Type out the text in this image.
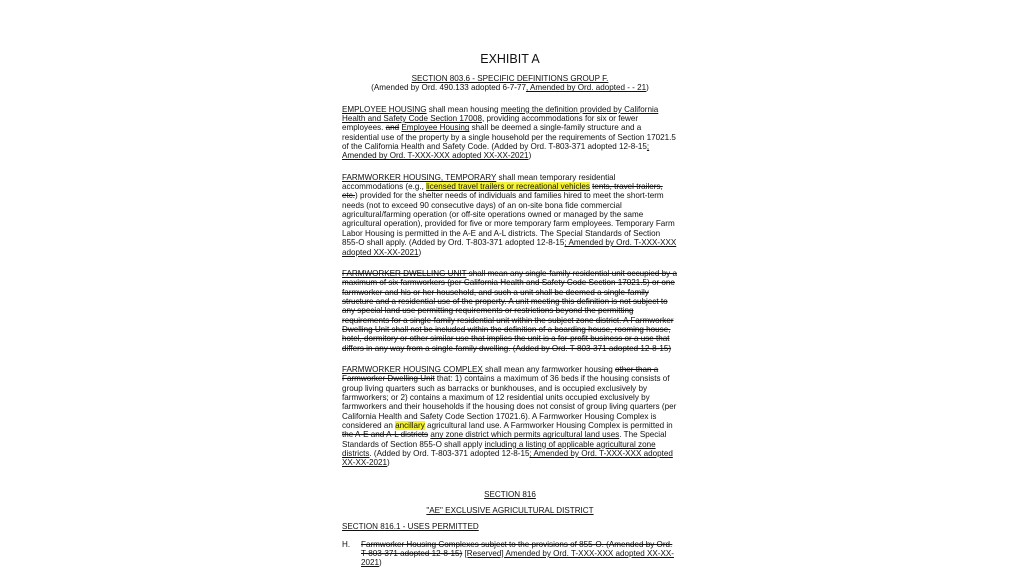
EXHIBIT A
SECTION 803.6 - SPECIFIC DEFINITIONS GROUP F.
(Amended by Ord. 490.133 adopted 6-7-77, Amended by Ord. adopted - - 21)

EMPLOYEE HOUSING shall mean housing meeting the definition provided by California Health and Safety Code Section 17008, providing accommodations for six or fewer employees. and Employee Housing shall be deemed a single-family structure and a residential use of the property by a single household per the requirements of Section 17021.5 of the California Health and Safety Code. (Added by Ord. T-803-371 adopted 12-8-15; Amended by Ord. T-XXX-XXX adopted XX-XX-2021)

FARMWORKER HOUSING, TEMPORARY shall mean temporary residential accommodations (e.g., licensed travel trailers or recreational vehicles tents, travel trailers, etc.) provided for the shelter needs of individuals and families hired to meet the short-term needs (not to exceed 90 consecutive days) of an on-site bona fide commercial agricultural/farming operation (or off-site operations owned or managed by the same agricultural operation), provided for five or more temporary farm employees. Temporary Farm Labor Housing is permitted in the A-E and A-L districts. The Special Standards of Section 855-O shall apply. (Added by Ord. T-803-371 adopted 12-8-15; Amended by Ord. T-XXX-XXX adopted XX-XX-2021)

FARMWORKER DWELLING UNIT shall mean any single-family residential unit occupied by a maximum of six farmworkers (per California Health and Safety Code Section 17021.5) or one farmworker and his or her household, and such a unit shall be deemed a single-family structure and a residential use of the property. A unit meeting this definition is not subject to any special land use permitting requirements or restrictions beyond the permitting requirements for a single-family residential unit within the subject zone district. A Farmworker Dwelling Unit shall not be included within the definition of a boarding house, rooming house, hotel, dormitory or other similar use that implies the unit is a for-profit business or a use that differs in any way from a single-family dwelling. (Added by Ord. T-803-371 adopted 12-8-15)

FARMWORKER HOUSING COMPLEX shall mean any farmworker housing other than a Farmworker Dwelling Unit that: 1) contains a maximum of 36 beds if the housing consists of group living quarters such as barracks or bunkhouses, and is occupied exclusively by farmworkers; or 2) contains a maximum of 12 residential units occupied exclusively by farmworkers and their households if the housing does not consist of group living quarters (per California Health and Safety Code Section 17021.6). A Farmworker Housing Complex is considered an ancillary agricultural land use. A Farmworker Housing Complex is permitted in the A-E and A-L districts any zone district which permits agricultural land uses. The Special Standards of Section 855-O shall apply including a listing of applicable agricultural zone districts. (Added by Ord. T-803-371 adopted 12-8-15; Amended by Ord. T-XXX-XXX adopted XX-XX-2021)

SECTION 816
"AE" EXCLUSIVE AGRICULTURAL DISTRICT
SECTION 816.1 - USES PERMITTED
H.	Farmworker Housing Complexes subject to the provisions of 855-O. (Amended by Ord. T-803-371 adopted 12-8-15) [Reserved] Amended by Ord. T-XXX-XXX adopted XX-XX-2021)
